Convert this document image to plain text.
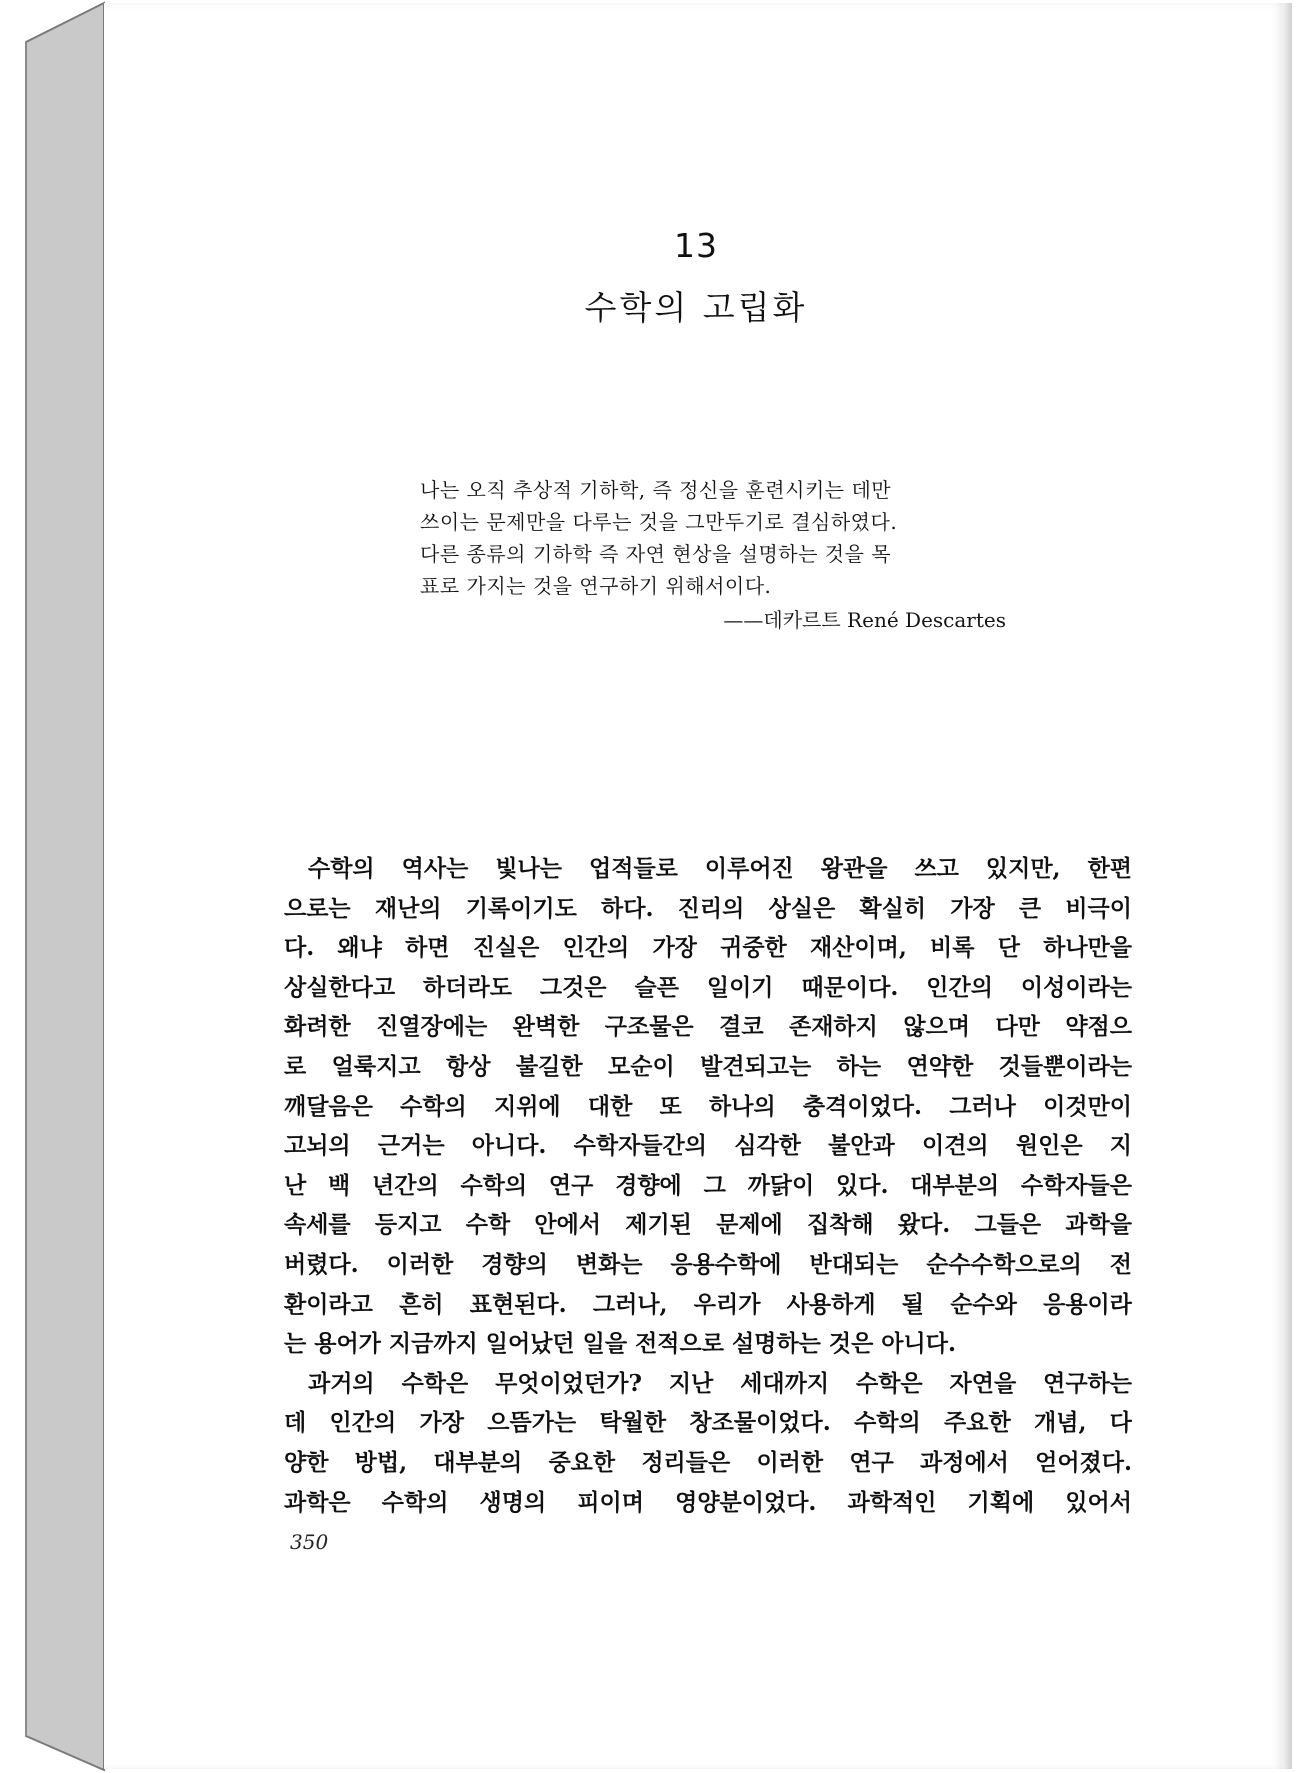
13
수학의 고립화
나는 오직 추상적 기하학, 즉 정신을 훈련시키는 데만
쓰이는 문제만을 다루는 것을 그만두기로 결심하였다.
다른 종류의 기하학 즉 자연 현상을 설명하는 것을 목
표로 가지는 것을 연구하기 위해서이다.
——데카르트 René Descartes
수학의 역사는 빛나는 업적들로 이루어진 왕관을 쓰고 있지만, 한편
으로는 재난의 기록이기도 하다. 진리의 상실은 확실히 가장 큰 비극이
다. 왜냐 하면 진실은 인간의 가장 귀중한 재산이며, 비록 단 하나만을
상실한다고 하더라도 그것은 슬픈 일이기 때문이다. 인간의 이성이라는
화려한 진열장에는 완벽한 구조물은 결코 존재하지 않으며 다만 약점으
로 얼룩지고 항상 불길한 모순이 발견되고는 하는 연약한 것들뿐이라는
깨달음은 수학의 지위에 대한 또 하나의 충격이었다. 그러나 이것만이
고뇌의 근거는 아니다. 수학자들간의 심각한 불안과 이견의 원인은 지
난 백 년간의 수학의 연구 경향에 그 까닭이 있다. 대부분의 수학자들은
속세를 등지고 수학 안에서 제기된 문제에 집착해 왔다. 그들은 과학을
버렸다. 이러한 경향의 변화는 응용수학에 반대되는 순수수학으로의 전
환이라고 흔히 표현된다. 그러나, 우리가 사용하게 될 순수와 응용이라
는 용어가 지금까지 일어났던 일을 전적으로 설명하는 것은 아니다.
과거의 수학은 무엇이었던가? 지난 세대까지 수학은 자연을 연구하는
데 인간의 가장 으뜸가는 탁월한 창조물이었다. 수학의 주요한 개념, 다
양한 방법, 대부분의 중요한 정리들은 이러한 연구 과정에서 얻어졌다.
과학은 수학의 생명의 피이며 영양분이었다. 과학적인 기획에 있어서
350
